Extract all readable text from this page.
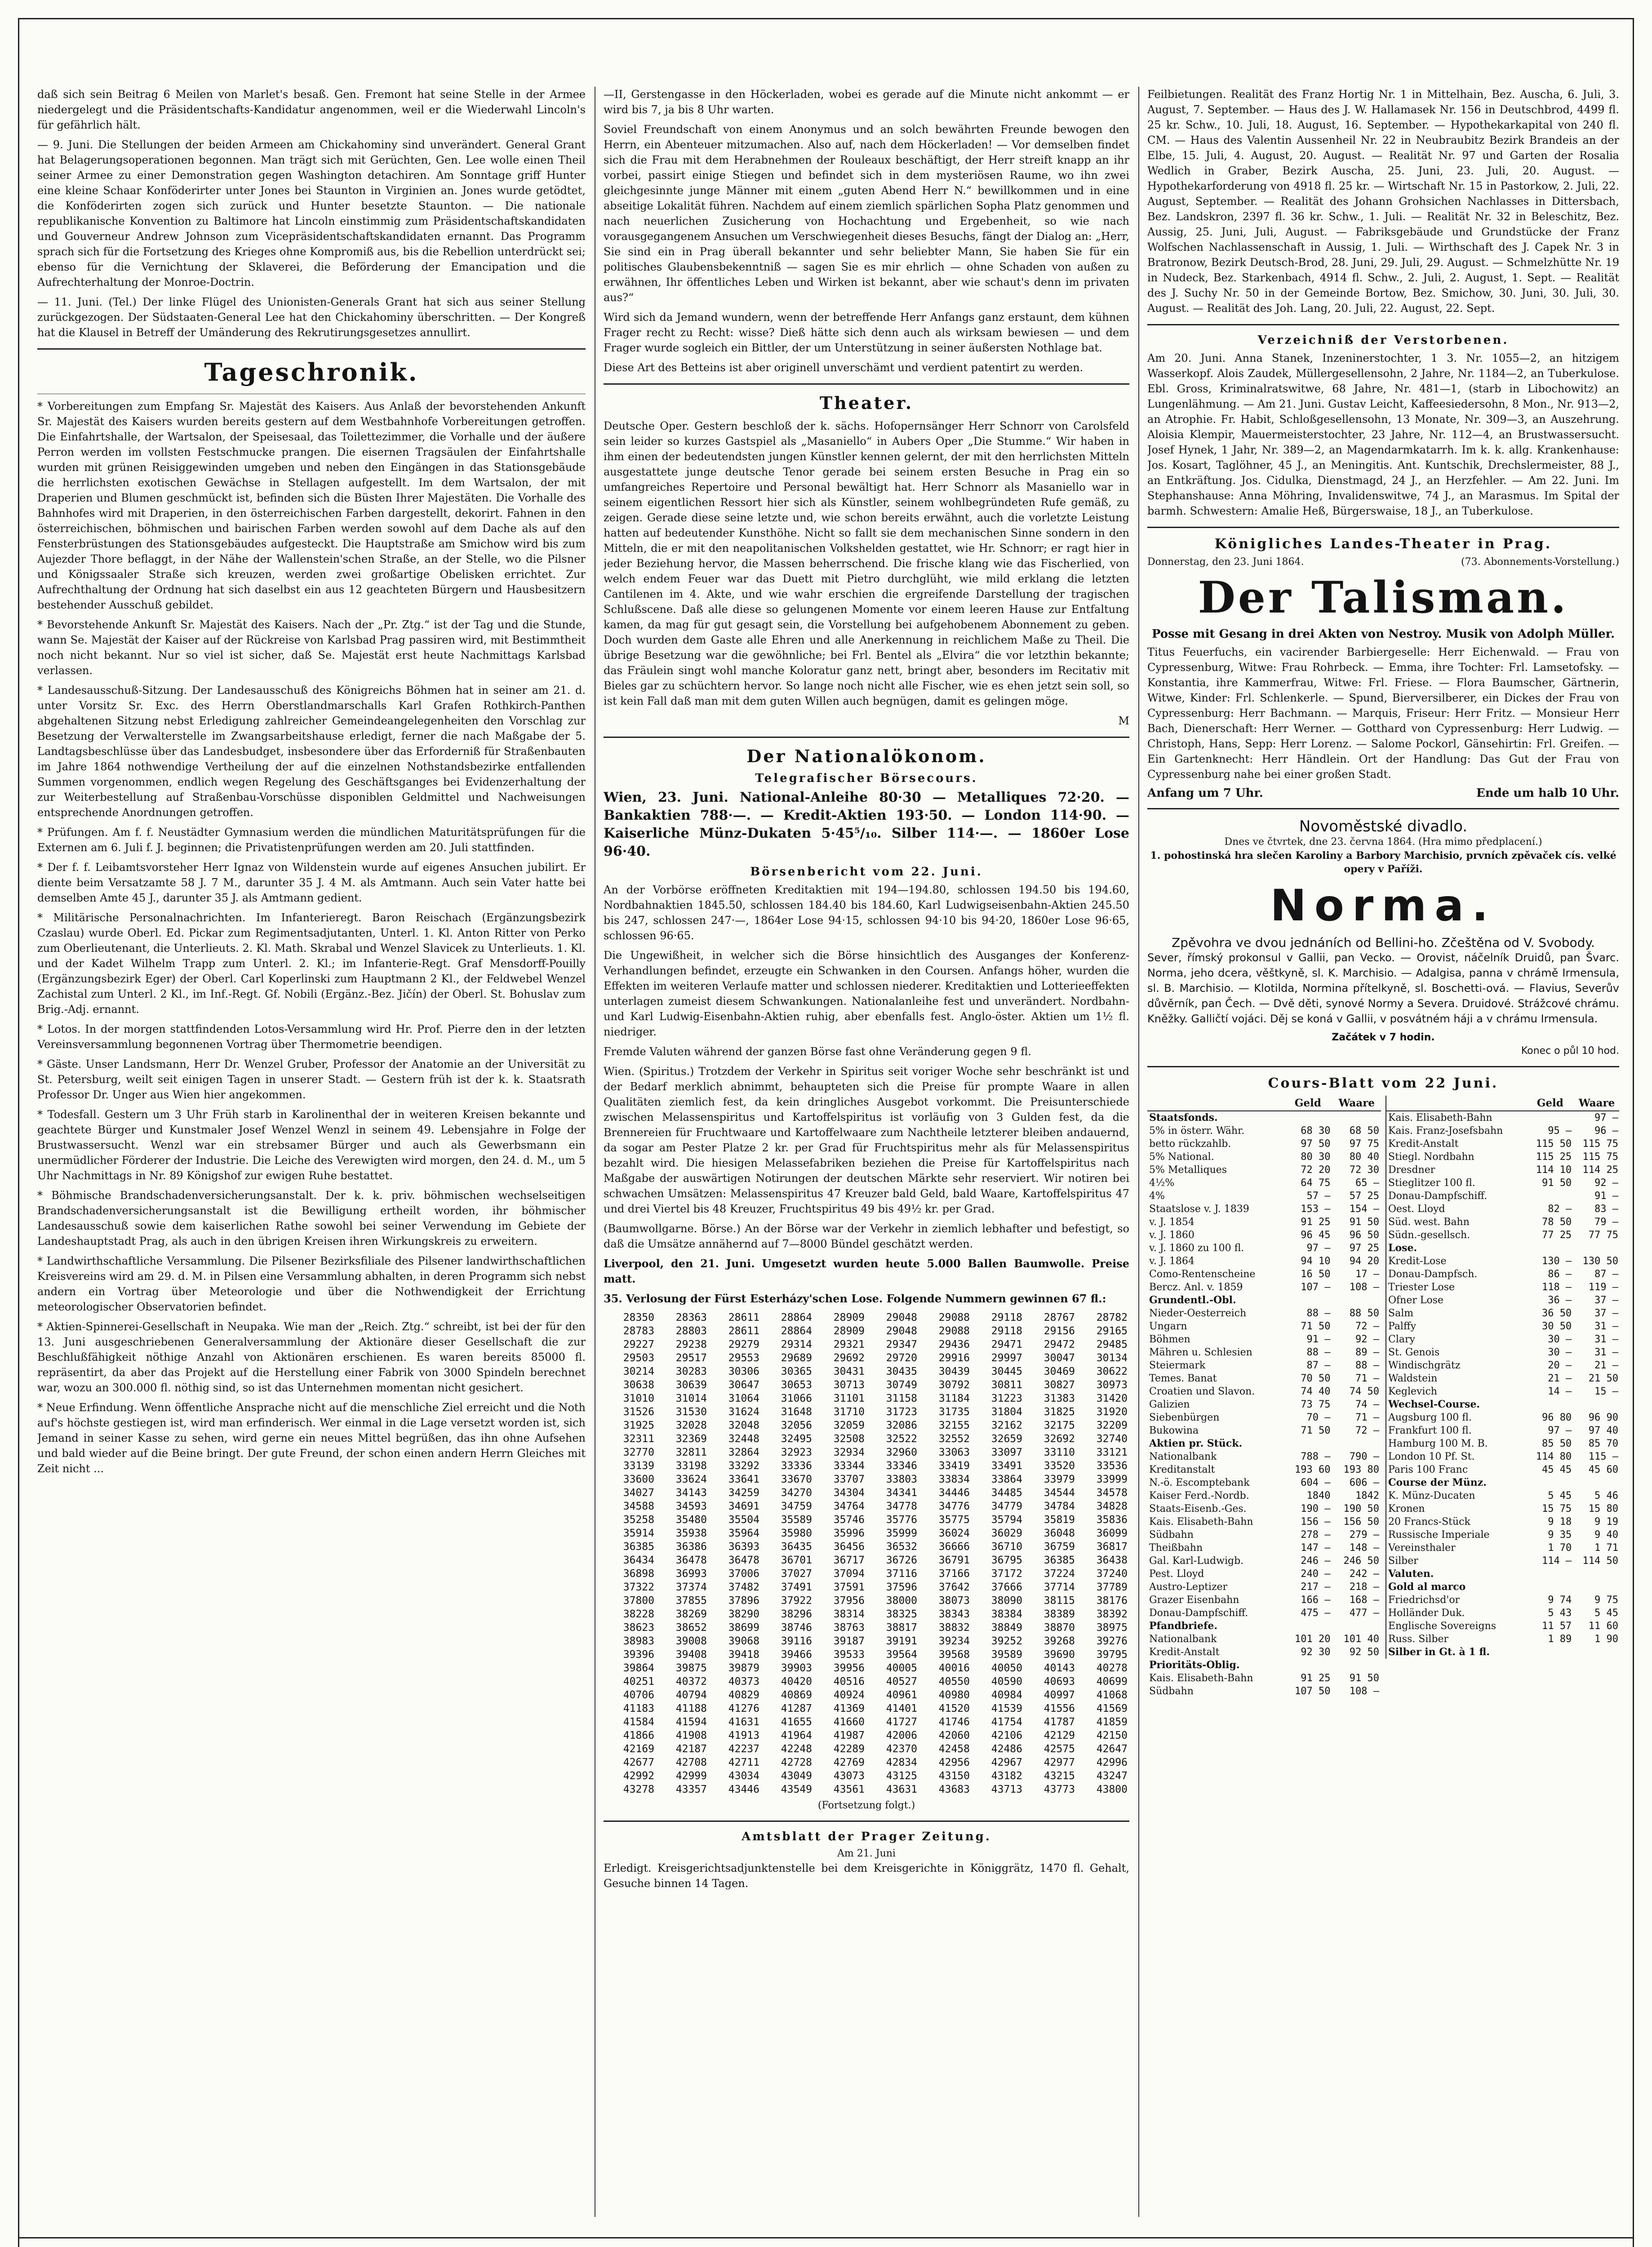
daß sich sein Beitrag 6 Meilen von Marlet's besaß. Gen. Fremont hat seine Stelle in der Armee niedergelegt und die Präsidentschafts-Kandidatur angenommen, weil er die Wiederwahl Lincoln's für gefährlich hält.

— 9. Juni. Die Stellungen der beiden Armeen am Chickahominy sind unverändert. General Grant hat Belagerungsoperationen begonnen. Man trägt sich mit Gerüchten, Gen. Lee wolle einen Theil seiner Armee zu einer Demonstration gegen Washington detachiren. Am Sonntage griff Hunter eine kleine Schaar Konföderirter unter Jones bei Staunton in Virginien an. Jones wurde getödtet, die Konföderirten zogen sich zurück und Hunter besetzte Staunton. — Die nationale republikanische Konvention zu Baltimore hat Lincoln einstimmig zum Präsidentschaftskandidaten und Gouverneur Andrew Johnson zum Vicepräsidentschaftskandidaten ernannt. Das Programm sprach sich für die Fortsetzung des Krieges ohne Kompromiß aus, bis die Rebellion unterdrückt sei; ebenso für die Vernichtung der Sklaverei, die Beförderung der Emancipation und die Aufrechterhaltung der Monroe-Doctrin.

— 11. Juni. (Tel.) Der linke Flügel des Unionisten-Generals Grant hat sich aus seiner Stellung zurückgezogen. Der Südstaaten-General Lee hat den Chickahominy überschritten. — Der Kongreß hat die Klausel in Betreff der Umänderung des Rekrutirungsgesetzes annullirt.

Tageschronik.

* Vorbereitungen zum Empfang Sr. Majestät des Kaisers. Aus Anlaß der bevorstehenden Ankunft Sr. Majestät des Kaisers wurden bereits gestern auf dem Westbahnhofe Vorbereitungen getroffen. Die Einfahrtshalle, der Wartsalon, der Speisesaal, das Toilettezimmer, die Vorhalle und der äußere Perron werden im vollsten Festschmucke prangen. Die eisernen Tragsäulen der Einfahrtshalle wurden mit grünen Reisiggewinden umgeben und neben den Eingängen in das Stationsgebäude die herrlichsten exotischen Gewächse in Stellagen aufgestellt. Im dem Wartsalon, der mit Draperien und Blumen geschmückt ist, befinden sich die Büsten Ihrer Majestäten. Die Vorhalle des Bahnhofes wird mit Draperien, in den österreichischen Farben dargestellt, dekorirt. Fahnen in den österreichischen, böhmischen und bairischen Farben werden sowohl auf dem Dache als auf den Fensterbrüstungen des Stationsgebäudes aufgesteckt. Die Hauptstraße am Smichow wird bis zum Aujezder Thore beflaggt, in der Nähe der Wallenstein'schen Straße, an der Stelle, wo die Pilsner und Königssaaler Straße sich kreuzen, werden zwei großartige Obelisken errichtet. Zur Aufrechthaltung der Ordnung hat sich daselbst ein aus 12 geachteten Bürgern und Hausbesitzern bestehender Ausschuß gebildet.

* Bevorstehende Ankunft Sr. Majestät des Kaisers. Nach der „Pr. Ztg.“ ist der Tag und die Stunde, wann Se. Majestät der Kaiser auf der Rückreise von Karlsbad Prag passiren wird, mit Bestimmtheit noch nicht bekannt. Nur so viel ist sicher, daß Se. Majestät erst heute Nachmittags Karlsbad verlassen.

* Landesausschuß-Sitzung. Der Landesausschuß des Königreichs Böhmen hat in seiner am 21. d. unter Vorsitz Sr. Exc. des Herrn Oberstlandmarschalls Karl Grafen Rothkirch-Panthen abgehaltenen Sitzung nebst Erledigung zahlreicher Gemeindeangelegenheiten den Vorschlag zur Besetzung der Verwalterstelle im Zwangsarbeitshause erledigt, ferner die nach Maßgabe der 5. Landtagsbeschlüsse über das Landesbudget, insbesondere über das Erforderniß für Straßenbauten im Jahre 1864 nothwendige Vertheilung der auf die einzelnen Nothstandsbezirke entfallenden Summen vorgenommen, endlich wegen Regelung des Geschäftsganges bei Evidenzerhaltung der zur Weiterbestellung auf Straßenbau-Vorschüsse disponiblen Geldmittel und Nachweisungen entsprechende Anordnungen getroffen.

* Prüfungen. Am f. f. Neustädter Gymnasium werden die mündlichen Maturitätsprüfungen für die Externen am 6. Juli f. J. beginnen; die Privatistenprüfungen werden am 20. Juli stattfinden.

* Der f. f. Leibamtsvorsteher Herr Ignaz von Wildenstein wurde auf eigenes Ansuchen jubilirt. Er diente beim Versatzamte 58 J. 7 M., darunter 35 J. 4 M. als Amtmann. Auch sein Vater hatte bei demselben Amte 45 J., darunter 35 J. als Amtmann gedient.

* Militärische Personalnachrichten. Im Infanterieregt. Baron Reischach (Ergänzungsbezirk Czaslau) wurde Oberl. Ed. Pickar zum Regimentsadjutanten, Unterl. 1. Kl. Anton Ritter von Perko zum Oberlieutenant, die Unterlieuts. 2. Kl. Math. Skrabal und Wenzel Slavicek zu Unterlieuts. 1. Kl. und der Kadet Wilhelm Trapp zum Unterl. 2. Kl.; im Infanterie-Regt. Graf Mensdorff-Pouilly (Ergänzungsbezirk Eger) der Oberl. Carl Koperlinski zum Hauptmann 2 Kl., der Feldwebel Wenzel Zachistal zum Unterl. 2 Kl., im Inf.-Regt. Gf. Nobili (Ergänz.-Bez. Jičín) der Oberl. St. Bohuslav zum Brig.-Adj. ernannt.

* Lotos. In der morgen stattfindenden Lotos-Versammlung wird Hr. Prof. Pierre den in der letzten Vereinsversammlung begonnenen Vortrag über Thermometrie beendigen.

* Gäste. Unser Landsmann, Herr Dr. Wenzel Gruber, Professor der Anatomie an der Universität zu St. Petersburg, weilt seit einigen Tagen in unserer Stadt. — Gestern früh ist der k. k. Staatsrath Professor Dr. Unger aus Wien hier angekommen.

* Todesfall. Gestern um 3 Uhr Früh starb in Karolinenthal der in weiteren Kreisen bekannte und geachtete Bürger und Kunstmaler Josef Wenzel Wenzl in seinem 49. Lebensjahre in Folge der Brustwassersucht. Wenzl war ein strebsamer Bürger und auch als Gewerbsmann ein unermüdlicher Förderer der Industrie. Die Leiche des Verewigten wird morgen, den 24. d. M., um 5 Uhr Nachmittags in Nr. 89 Königshof zur ewigen Ruhe bestattet.

* Böhmische Brandschadenversicherungsanstalt. Der k. k. priv. böhmischen wechselseitigen Brandschadenversicherungsanstalt ist die Bewilligung ertheilt worden, ihr böhmischer Landesausschuß sowie dem kaiserlichen Rathe sowohl bei seiner Verwendung im Gebiete der Landeshauptstadt Prag, als auch in den übrigen Kreisen ihren Wirkungskreis zu erweitern.

* Landwirthschaftliche Versammlung. Die Pilsener Bezirksfiliale des Pilsener landwirthschaftlichen Kreisvereins wird am 29. d. M. in Pilsen eine Versammlung abhalten, in deren Programm sich nebst andern ein Vortrag über Meteorologie und über die Nothwendigkeit der Errichtung meteorologischer Observatorien befindet.

* Aktien-Spinnerei-Gesellschaft in Neupaka. Wie man der „Reich. Ztg.“ schreibt, ist bei der für den 13. Juni ausgeschriebenen Generalversammlung der Aktionäre dieser Gesellschaft die zur Beschlußfähigkeit nöthige Anzahl von Aktionären erschienen. Es waren bereits 85000 fl. repräsentirt, da aber das Projekt auf die Herstellung einer Fabrik von 3000 Spindeln berechnet war, wozu an 300.000 fl. nöthig sind, so ist das Unternehmen momentan nicht gesichert.

* Neue Erfindung. Wenn öffentliche Ansprache nicht auf die menschliche Ziel erreicht und die Noth auf's höchste gestiegen ist, wird man erfinderisch. Wer einmal in die Lage versetzt worden ist, sich Jemand in seiner Kasse zu sehen, wird gerne ein neues Mittel begrüßen, das ihn ohne Aufsehen und bald wieder auf die Beine bringt. Der gute Freund, der schon einen andern Herrn Gleiches mit Zeit nicht ...

—II, Gerstengasse in den Höckerladen, wobei es gerade auf die Minute nicht ankommt — er wird bis 7, ja bis 8 Uhr warten.

Soviel Freundschaft von einem Anonymus und an solch bewährten Freunde bewogen den Herrn, ein Abenteuer mitzumachen. Also auf, nach dem Höckerladen! — Vor demselben findet sich die Frau mit dem Herabnehmen der Rouleaux beschäftigt, der Herr streift knapp an ihr vorbei, passirt einige Stiegen und befindet sich in dem mysteriösen Raume, wo ihn zwei gleichgesinnte junge Männer mit einem „guten Abend Herr N.“ bewillkommen und in eine abseitige Lokalität führen. Nachdem auf einem ziemlich spärlichen Sopha Platz genommen und nach neuerlichen Zusicherung von Hochachtung und Ergebenheit, so wie nach vorausgegangenem Ansuchen um Verschwiegenheit dieses Besuchs, fängt der Dialog an: „Herr, Sie sind ein in Prag überall bekannter und sehr beliebter Mann, Sie haben Sie für ein politisches Glaubensbekenntniß — sagen Sie es mir ehrlich — ohne Schaden von außen zu erwähnen, Ihr öffentliches Leben und Wirken ist bekannt, aber wie schaut's denn im privaten aus?“

Wird sich da Jemand wundern, wenn der betreffende Herr Anfangs ganz erstaunt, dem kühnen Frager recht zu Recht: wisse? Dieß hätte sich denn auch als wirksam bewiesen — und dem Frager wurde sogleich ein Bittler, der um Unterstützung in seiner äußersten Nothlage bat.

Diese Art des Betteins ist aber originell unverschämt und verdient patentirt zu werden.

Theater.

Deutsche Oper. Gestern beschloß der k. sächs. Hofopernsänger Herr Schnorr von Carolsfeld sein leider so kurzes Gastspiel als „Masaniello“ in Aubers Oper „Die Stumme.“ Wir haben in ihm einen der bedeutendsten jungen Künstler kennen gelernt, der mit den herrlichsten Mitteln ausgestattete junge deutsche Tenor gerade bei seinem ersten Besuche in Prag ein so umfangreiches Repertoire und Personal bewältigt hat. Herr Schnorr als Masaniello war in seinem eigentlichen Ressort hier sich als Künstler, seinem wohlbegründeten Rufe gemäß, zu zeigen. Gerade diese seine letzte und, wie schon bereits erwähnt, auch die vorletzte Leistung hatten auf bedeutender Kunsthöhe. Nicht so fallt sie dem mechanischen Sinne sondern in den Mitteln, die er mit den neapolitanischen Volkshelden gestattet, wie Hr. Schnorr; er ragt hier in jeder Beziehung hervor, die Massen beherrschend. Die frische klang wie das Fischerlied, von welch endem Feuer war das Duett mit Pietro durchglüht, wie mild erklang die letzten Cantilenen im 4. Akte, und wie wahr erschien die ergreifende Darstellung der tragischen Schlußscene. Daß alle diese so gelungenen Momente vor einem leeren Hause zur Entfaltung kamen, da mag für gut gesagt sein, die Vorstellung bei aufgehobenem Abonnement zu geben. Doch wurden dem Gaste alle Ehren und alle Anerkennung in reichlichem Maße zu Theil. Die übrige Besetzung war die gewöhnliche; bei Frl. Bentel als „Elvira“ die vor letzthin bekannte; das Fräulein singt wohl manche Koloratur ganz nett, bringt aber, besonders im Recitativ mit Bieles gar zu schüchtern hervor. So lange noch nicht alle Fischer, wie es ehen jetzt sein soll, so ist kein Fall daß man mit dem guten Willen auch begnügen, damit es gelingen möge.

M

Der Nationalökonom.
Telegrafischer Börsecours.

Wien, 23. Juni. National-Anleihe 80·30 — Metalliques 72·20. — Bankaktien 788·—. — Kredit-Aktien 193·50. — London 114·90. — Kaiserliche Münz-Dukaten 5·45⁵/₁₀. Silber 114·—. — 1860er Lose 96·40.

Börsenbericht vom 22. Juni.

An der Vorbörse eröffneten Kreditaktien mit 194—194.80, schlossen 194.50 bis 194.60, Nordbahnaktien 1845.50, schlossen 184.40 bis 184.60, Karl Ludwigseisenbahn-Aktien 245.50 bis 247, schlossen 247·—, 1864er Lose 94·15, schlossen 94·10 bis 94·20, 1860er Lose 96·65, schlossen 96·65.

Die Ungewißheit, in welcher sich die Börse hinsichtlich des Ausganges der Konferenz-Verhandlungen befindet, erzeugte ein Schwanken in den Coursen. Anfangs höher, wurden die Effekten im weiteren Verlaufe matter und schlossen niederer. Kreditaktien und Lotterieeffekten unterlagen zumeist diesem Schwankungen. Nationalanleihe fest und unverändert. Nordbahn- und Karl Ludwig-Eisenbahn-Aktien ruhig, aber ebenfalls fest. Anglo-öster. Aktien um 1½ fl. niedriger.

Fremde Valuten während der ganzen Börse fast ohne Veränderung gegen 9 fl.

Wien. (Spiritus.) Trotzdem der Verkehr in Spiritus seit voriger Woche sehr beschränkt ist und der Bedarf merklich abnimmt, behaupteten sich die Preise für prompte Waare in allen Qualitäten ziemlich fest, da kein dringliches Ausgebot vorkommt. Die Preisunterschiede zwischen Melassenspiritus und Kartoffelspiritus ist vorläufig von 3 Gulden fest, da die Brennereien für Fruchtwaare und Kartoffelwaare zum Nachtheile letzterer bleiben andauernd, da sogar am Pester Platze 2 kr. per Grad für Fruchtspiritus mehr als für Melassenspiritus bezahlt wird. Die hiesigen Melassefabriken beziehen die Preise für Kartoffelspiritus nach Maßgabe der auswärtigen Notirungen der deutschen Märkte sehr reserviert. Wir notiren bei schwachen Umsätzen: Melassenspiritus 47 Kreuzer bald Geld, bald Waare, Kartoffelspiritus 47 und drei Viertel bis 48 Kreuzer, Fruchtspiritus 49 bis 49½ kr. per Grad.

(Baumwollgarne. Börse.) An der Börse war der Verkehr in ziemlich lebhafter und befestigt, so daß die Umsätze annähernd auf 7—8000 Bündel geschätzt werden.

Liverpool, den 21. Juni. Umgesetzt wurden heute 5.000 Ballen Baumwolle. Preise matt.

35. Verlosung der Fürst Esterházy'schen Lose. Folgende Nummern gewinnen 67 fl.:

28350	28363	28611	28864	28909	29048	29088	29118	28767	28782
28783	28803	28611	28864	28909	29048	29088	29118	29156	29165
29227	29238	29279	29314	29321	29347	29436	29471	29472	29485
29503	29517	29553	29689	29692	29720	29916	29997	30047	30134
30214	30283	30306	30365	30431	30435	30439	30445	30469	30622
30638	30639	30647	30653	30713	30749	30792	30811	30827	30973
31010	31014	31064	31066	31101	31158	31184	31223	31383	31420
31526	31530	31624	31648	31710	31723	31735	31804	31825	31920
31925	32028	32048	32056	32059	32086	32155	32162	32175	32209
32311	32369	32448	32495	32508	32522	32552	32659	32692	32740
32770	32811	32864	32923	32934	32960	33063	33097	33110	33121
33139	33198	33292	33336	33344	33346	33419	33491	33520	33536
33600	33624	33641	33670	33707	33803	33834	33864	33979	33999
34027	34143	34259	34270	34304	34341	34446	34485	34544	34578
34588	34593	34691	34759	34764	34778	34776	34779	34784	34828
35258	35480	35504	35589	35746	35776	35775	35794	35819	35836
35914	35938	35964	35980	35996	35999	36024	36029	36048	36099
36385	36386	36393	36435	36456	36532	36666	36710	36759	36817
36434	36478	36478	36701	36717	36726	36791	36795	36385	36438
36898	36993	37006	37027	37094	37116	37166	37172	37224	37240
37322	37374	37482	37491	37591	37596	37642	37666	37714	37789
37800	37855	37896	37922	37956	38000	38073	38090	38115	38176
38228	38269	38290	38296	38314	38325	38343	38384	38389	38392
38623	38652	38699	38746	38763	38817	38832	38849	38870	38975
38983	39008	39068	39116	39187	39191	39234	39252	39268	39276
39396	39408	39418	39466	39533	39564	39568	39589	39690	39795
39864	39875	39879	39903	39956	40005	40016	40050	40143	40278
40251	40372	40373	40420	40516	40527	40550	40590	40693	40699
40706	40794	40829	40869	40924	40961	40980	40984	40997	41068
41183	41188	41276	41287	41369	41401	41520	41539	41556	41569
41584	41594	41631	41655	41660	41727	41746	41754	41787	41859
41866	41908	41913	41964	41987	42006	42060	42106	42129	42150
42169	42187	42237	42248	42289	42370	42458	42486	42575	42647
42677	42708	42711	42728	42769	42834	42956	42967	42977	42996
42992	42999	43034	43049	43073	43125	43150	43182	43215	43247
43278	43357	43446	43549	43561	43631	43683	43713	43773	43800
(Fortsetzung folgt.)
Amtsblatt der Prager Zeitung.
Am 21. Juni

Erledigt. Kreisgerichtsadjunktenstelle bei dem Kreisgerichte in Königgrätz, 1470 fl. Gehalt, Gesuche binnen 14 Tagen.

Feilbietungen. Realität des Franz Hortig Nr. 1 in Mittelhain, Bez. Auscha, 6. Juli, 3. August, 7. September. — Haus des J. W. Hallamasek Nr. 156 in Deutschbrod, 4499 fl. 25 kr. Schw., 10. Juli, 18. August, 16. September. — Hypothekarkapital von 240 fl. CM. — Haus des Valentin Aussenheil Nr. 22 in Neubraubitz Bezirk Brandeis an der Elbe, 15. Juli, 4. August, 20. August. — Realität Nr. 97 und Garten der Rosalia Wedlich in Graber, Bezirk Auscha, 25. Juni, 23. Juli, 20. August. — Hypothekarforderung von 4918 fl. 25 kr. — Wirtschaft Nr. 15 in Pastorkow, 2. Juli, 22. August, September. — Realität des Johann Grohsichen Nachlasses in Dittersbach, Bez. Landskron, 2397 fl. 36 kr. Schw., 1. Juli. — Realität Nr. 32 in Beleschitz, Bez. Aussig, 25. Juni, Juli, August. — Fabriksgebäude und Grundstücke der Franz Wolfschen Nachlassenschaft in Aussig, 1. Juli. — Wirthschaft des J. Capek Nr. 3 in Bratronow, Bezirk Deutsch-Brod, 28. Juni, 29. Juli, 29. August. — Schmelzhütte Nr. 19 in Nudeck, Bez. Starkenbach, 4914 fl. Schw., 2. Juli, 2. August, 1. Sept. — Realität des J. Suchy Nr. 50 in der Gemeinde Bortow, Bez. Smichow, 30. Juni, 30. Juli, 30. August. — Realität des Joh. Lang, 20. Juli, 22. August, 22. Sept.

Verzeichniß der Verstorbenen.

Am 20. Juni. Anna Stanek, Inzeninerstochter, 1 3. Nr. 1055—2, an hitzigem Wasserkopf. Alois Zaudek, Müllergesellensohn, 2 Jahre, Nr. 1184—2, an Tuberkulose. Ebl. Gross, Kriminalratswitwe, 68 Jahre, Nr. 481—1, (starb in Libochowitz) an Lungenlähmung. — Am 21. Juni. Gustav Leicht, Kaffeesiedersohn, 8 Mon., Nr. 913—2, an Atrophie. Fr. Habit, Schloßgesellensohn, 13 Monate, Nr. 309—3, an Auszehrung. Aloisia Klempir, Mauermeisterstochter, 23 Jahre, Nr. 112—4, an Brustwassersucht. Josef Hynek, 1 Jahr, Nr. 389—2, an Magendarmkatarrh. Im k. k. allg. Krankenhause: Jos. Kosart, Taglöhner, 45 J., an Meningitis. Ant. Kuntschik, Drechslermeister, 88 J., an Entkräftung. Jos. Cidulka, Dienstmagd, 24 J., an Herzfehler. — Am 22. Juni. Im Stephanshause: Anna Möhring, Invalidenswitwe, 74 J., an Marasmus. Im Spital der barmh. Schwestern: Amalie Heß, Bürgerswaise, 18 J., an Tuberkulose.

Königliches Landes-Theater in Prag.
Donnerstag, den 23. Juni 1864.	(73. Abonnements-Vorstellung.)
Der Talisman.
Posse mit Gesang in drei Akten von Nestroy. Musik von Adolph Müller.

Titus Feuerfuchs, ein vacirender Barbiergeselle: Herr Eichenwald. — Frau von Cypressenburg, Witwe: Frau Rohrbeck. — Emma, ihre Tochter: Frl. Lamsetofsky. — Konstantia, ihre Kammerfrau, Witwe: Frl. Friese. — Flora Baumscher, Gärtnerin, Witwe, Kinder: Frl. Schlenkerle. — Spund, Bierversilberer, ein Dickes der Frau von Cypressenburg: Herr Bachmann. — Marquis, Friseur: Herr Fritz. — Monsieur Herr Bach, Dienerschaft: Herr Werner. — Gotthard von Cypressenburg: Herr Ludwig. — Christoph, Hans, Sepp: Herr Lorenz. — Salome Pockorl, Gänsehirtin: Frl. Greifen. — Ein Gartenknecht: Herr Händlein. Ort der Handlung: Das Gut der Frau von Cypressenburg nahe bei einer großen Stadt.

Anfang um 7 Uhr.	Ende um halb 10 Uhr.
Novoměstské divadlo.
Dnes ve čtvrtek, dne 23. června 1864. (Hra mimo předplacení.)
1. pohostinská hra slečen Karoliny a Barbory Marchisio, prvních zpěvaček cís. velké opery v Paříži.
Norma.
Zpěvohra ve dvou jednáních od Bellini-ho. Zčeštěna od V. Svobody.

Sever, římský prokonsul v Gallii, pan Vecko. — Orovist, náčelník Druidů, pan Švarc. Norma, jeho dcera, věštkyně, sl. K. Marchisio. — Adalgisa, panna v chrámě Irmensula, sl. B. Marchisio. — Klotilda, Normina přítelkyně, sl. Boschetti-ová. — Flavius, Severův důvěrník, pan Čech. — Dvě děti, synové Normy a Severa. Druidové. Strážcové chrámu. Kněžky. Galličtí vojáci. Děj se koná v Gallii, v posvátném háji a v chrámu Irmensula.

Začátek v 7 hodin.
Konec o půl 10 hod.
Cours-Blatt vom 22 Juni.
	Geld	Waare
Staatsfonds.		
5% in österr. Währ.	68 30	68 50
betto rückzahlb.	97 50	97 75
5% National.	80 30	80 40
5% Metalliques	72 20	72 30
4½%	64 75	65 —
4%	57 —	57 25
Staatslose v. J. 1839	153 —	154 —
v. J. 1854	91 25	91 50
v. J. 1860	96 45	96 50
v. J. 1860 zu 100 fl.	97 —	97 25
v. J. 1864	94 10	94 20
Como-Rentenscheine	16 50	17 —
Bercz. Anl. v. 1859	107 —	108 —
Grundentl.-Obl.		
Nieder-Oesterreich	88 —	88 50
Ungarn	71 50	72 —
Böhmen	91 —	92 —
Mähren u. Schlesien	88 —	89 —
Steiermark	87 —	88 —
Temes. Banat	70 50	71 —
Croatien und Slavon.	74 40	74 50
Galizien	73 75	74 —
Siebenbürgen	70 —	71 —
Bukowina	71 50	72 —
Aktien pr. Stück.		
Nationalbank	788 —	790 —
Kreditanstalt	193 60	193 80
N.-ö. Escomptebank	604 —	606 —
Kaiser Ferd.-Nordb.	1840	1842
Staats-Eisenb.-Ges.	190 —	190 50
Kais. Elisabeth-Bahn	156 —	156 50
Südbahn	278 —	279 —
Theißbahn	147 —	148 —
Gal. Karl-Ludwigb.	246 —	246 50
Pest. Lloyd	240 —	242 —
Austro-Leptizer	217 —	218 —
Grazer Eisenbahn	166 —	168 —
Donau-Dampfschiff.	475 —	477 —
Pfandbriefe.		
Nationalbank	101 20	101 40
Kredit-Anstalt	92 30	92 50
Prioritäts-Oblig.		
Kais. Elisabeth-Bahn	91 25	91 50
Südbahn	107 50	108 —
	Geld	Waare
Kais. Elisabeth-Bahn		97 —
Kais. Franz-Josefsbahn	95 —	96 —
Kredit-Anstalt	115 50	115 75
Stiegl. Nordbahn	115 25	115 75
Dresdner	114 10	114 25
Stieglitzer 100 fl.	91 50	92 —
Donau-Dampfschiff.		91 —
Oest. Lloyd	82 —	83 —
Süd. west. Bahn	78 50	79 —
Südn.-gesellsch.	77 25	77 75
Lose.		
Kredit-Lose	130 —	130 50
Donau-Dampfsch.	86 —	87 —
Triester Lose	118 —	119 —
Ofner Lose	36 —	37 —
Salm	36 50	37 —
Palffy	30 50	31 —
Clary	30 —	31 —
St. Genois	30 —	31 —
Windischgrätz	20 —	21 —
Waldstein	21 —	21 50
Keglevich	14 —	15 —
Wechsel-Course.		
Augsburg 100 fl.	96 80	96 90
Frankfurt 100 fl.	97 —	97 40
Hamburg 100 M. B.	85 50	85 70
London 10 Pf. St.	114 80	115 —
Paris 100 Franc	45 45	45 60
Course der Münz.		
K. Münz-Ducaten	5 45	5 46
Kronen	15 75	15 80
20 Francs-Stück	9 18	9 19
Russische Imperiale	9 35	9 40
Vereinsthaler	1 70	1 71
Silber	114 —	114 50
Valuten.		
Gold al marco		
Friedrichsd'or	9 74	9 75
Holländer Duk.	5 43	5 45
Englische Sovereigns	11 57	11 60
Russ. Silber	1 89	1 90
Silber in Gt. à 1 fl.		
